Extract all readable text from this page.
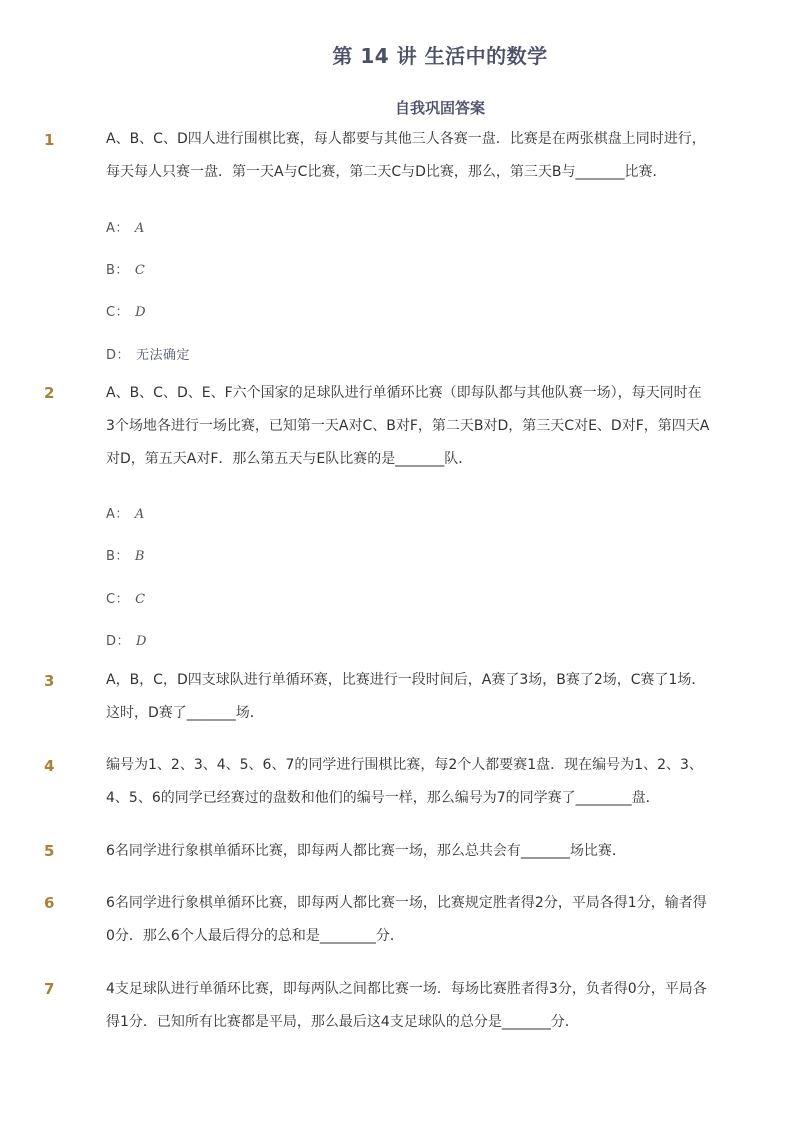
第 14 讲 生活中的数学
自我巩固答案
1	A、B、C、D四人进行围棋比赛，每人都要与其他三人各赛一盘．比赛是在两张棋盘上同时进行，
每天每人只赛一盘．第一天A与C比赛，第二天C与D比赛，那么，第三天B与_______比赛．
A： A
B： C
C： D
D： 无法确定
2	A、B、C、D、E、F六个国家的足球队进行单循环比赛（即每队都与其他队赛一场），每天同时在
3个场地各进行一场比赛，已知第一天A对C、B对F，第二天B对D，第三天C对E、D对F，第四天A
对D，第五天A对F．那么第五天与E队比赛的是_______队．
A： A
B： B
C： C
D： D
3	A，B，C，D四支球队进行单循环赛，比赛进行一段时间后，A赛了3场，B赛了2场，C赛了1场．
这时，D赛了_______场．
4	编号为1、2、3、4、5、6、7的同学进行围棋比赛，每2个人都要赛1盘．现在编号为1、2、3、
4、5、6的同学已经赛过的盘数和他们的编号一样，那么编号为7的同学赛了________盘．
5	6名同学进行象棋单循环比赛，即每两人都比赛一场，那么总共会有_______场比赛．
6	6名同学进行象棋单循环比赛，即每两人都比赛一场，比赛规定胜者得2分，平局各得1分，输者得
0分．那么6个人最后得分的总和是________分．
7	4支足球队进行单循环比赛，即每两队之间都比赛一场．每场比赛胜者得3分，负者得0分，平局各
得1分．已知所有比赛都是平局，那么最后这4支足球队的总分是_______分．
